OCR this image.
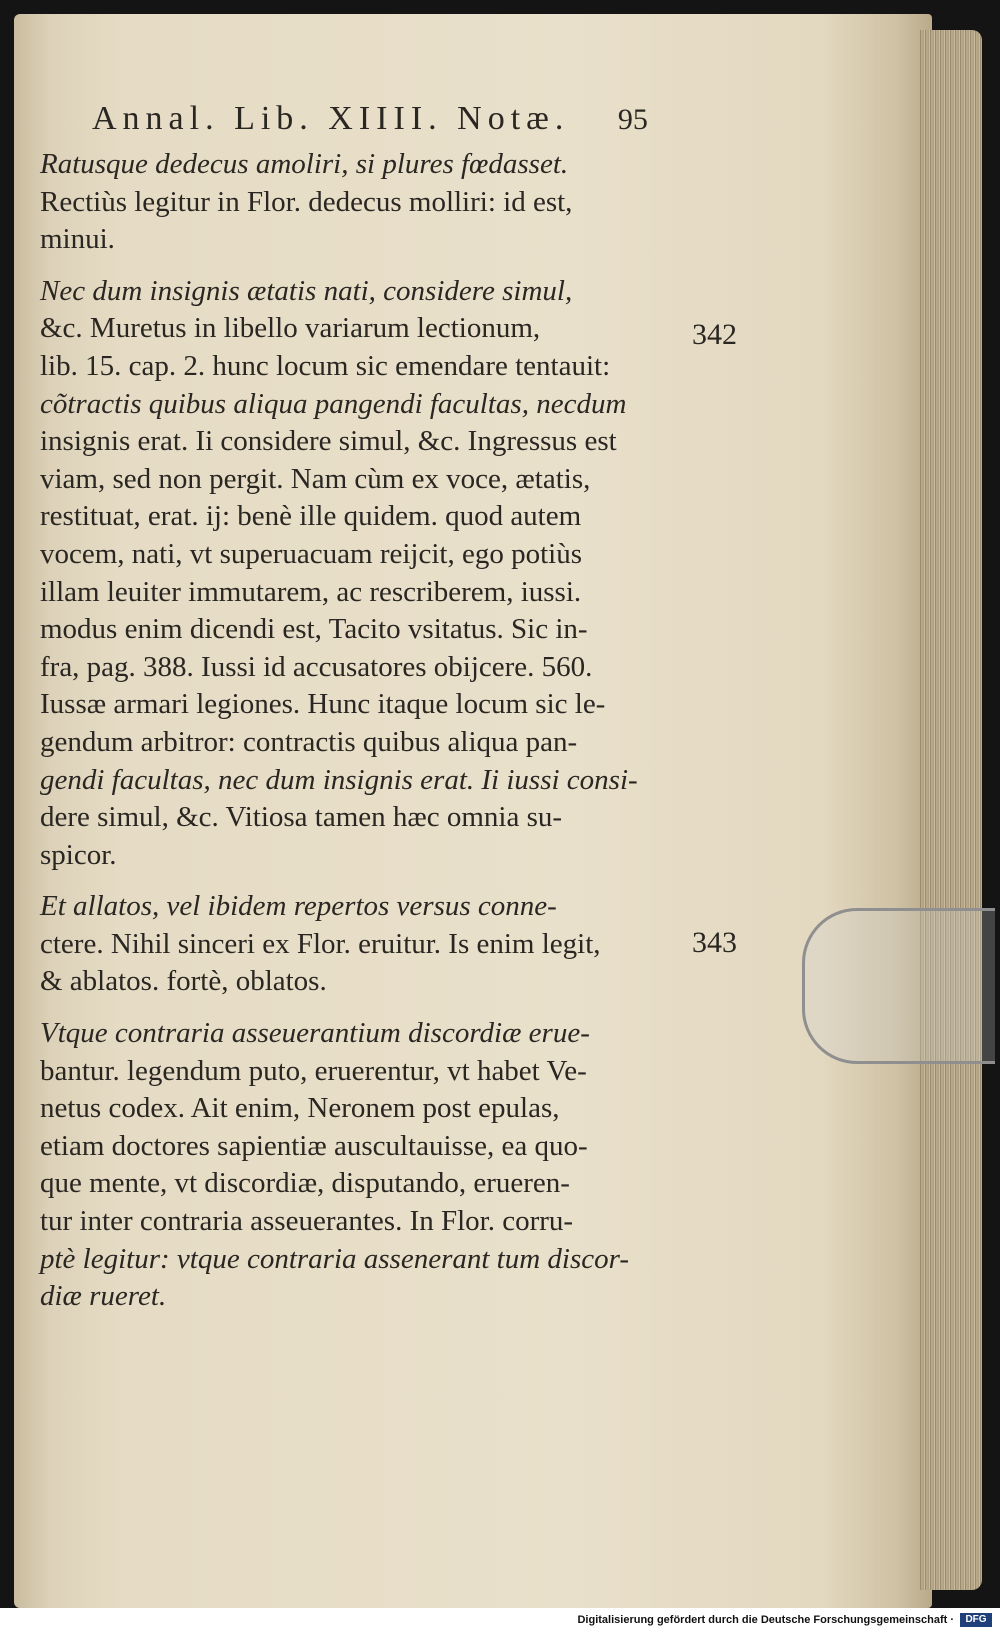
Annal. Lib. XIIII. Notæ. 95

Ratusque dedecus amoliri, si plures fœdasset.

Rectiùs legitur in Flor. dedecus molliri: id est,

minui.

Nec dum insignis ætatis nati, considere simul,

&c. Muretus in libello variarum lectionum,

lib. 15. cap. 2. hunc locum sic emendare tentauit:

cõtractis quibus aliqua pangendi facultas, necdum

insignis erat. Ii considere simul, &c. Ingressus est

viam, sed non pergit. Nam cùm ex voce, ætatis,

restituat, erat. ij: benè ille quidem. quod autem

vocem, nati, vt superuacuam reijcit, ego potiùs

illam leuiter immutarem, ac rescriberem, iussi.

modus enim dicendi est, Tacito vsitatus. Sic in-

fra, pag. 388. Iussi id accusatores obijcere. 560.

Iussæ armari legiones. Hunc itaque locum sic le-

gendum arbitror: contractis quibus aliqua pan-

gendi facultas, nec dum insignis erat. Ii iussi consi-

dere simul, &c. Vitiosa tamen hæc omnia su-

spicor.

Et allatos, vel ibidem repertos versus conne-

ctere. Nihil sinceri ex Flor. eruitur. Is enim legit,

& ablatos. fortè, oblatos.

Vtque contraria asseuerantium discordiæ erue-

bantur. legendum puto, eruerentur, vt habet Ve-

netus codex. Ait enim, Neronem post epulas,

etiam doctores sapientiæ auscultauisse, ea quo-

que mente, vt discordiæ, disputando, erueren-

tur inter contraria asseuerantes. In Flor. corru-

ptè legitur: vtque contraria assenerant tum discor-

diæ rueret.

342
343
Digitalisierung gefördert durch die Deutsche Forschungsgemeinschaft ·	DFG
